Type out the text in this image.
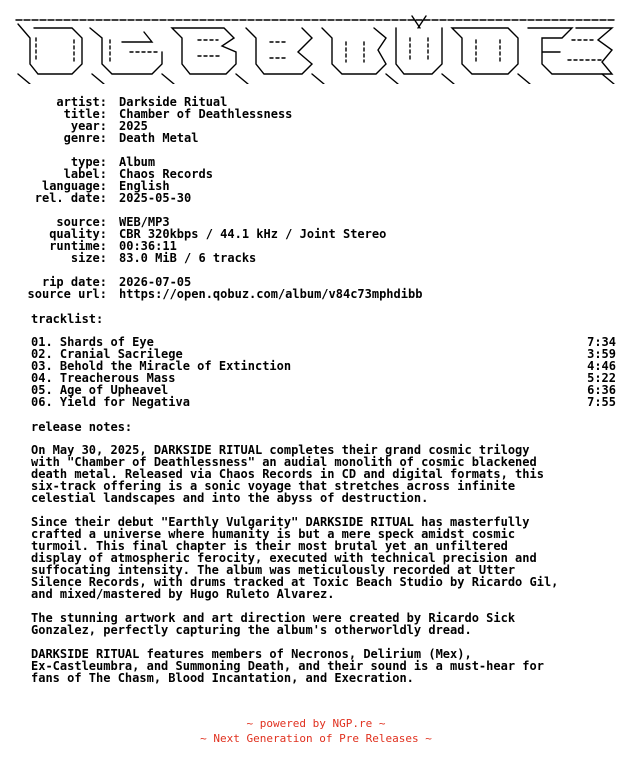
artist: Darkside Ritual
title: Chamber of Deathlessness
year: 2025
genre: Death Metal
type: Album
label: Chaos Records
language: English
rel. date: 2025-05-30
source: WEB/MP3
quality: CBR 320kbps / 44.1 kHz / Joint Stereo
runtime: 00:36:11
size: 83.0 MiB / 6 tracks
rip date: 2026-07-05
source url: https://open.qobuz.com/album/v84c73mphdibb
tracklist:
01. Shards of Eye	7:34
02. Cranial Sacrilege	3:59
03. Behold the Miracle of Extinction	4:46
04. Treacherous Mass	5:22
05. Age of Upheavel	6:36
06. Yield for Negativa	7:55
release notes:
On May 30, 2025, DARKSIDE RITUAL completes their grand cosmic trilogy
with "Chamber of Deathlessness" an audial monolith of cosmic blackened
death metal. Released via Chaos Records in CD and digital formats, this
six-track offering is a sonic voyage that stretches across infinite
celestial landscapes and into the abyss of destruction.
Since their debut "Earthly Vulgarity" DARKSIDE RITUAL has masterfully
crafted a universe where humanity is but a mere speck amidst cosmic
turmoil. This final chapter is their most brutal yet an unfiltered
display of atmospheric ferocity, executed with technical precision and
suffocating intensity. The album was meticulously recorded at Utter
Silence Records, with drums tracked at Toxic Beach Studio by Ricardo Gil,
and mixed/mastered by Hugo Ruleto Alvarez.
The stunning artwork and art direction were created by Ricardo Sick
Gonzalez, perfectly capturing the album's otherworldly dread.
DARKSIDE RITUAL features members of Necronos, Delirium (Mex),
Ex-Castleumbra, and Summoning Death, and their sound is a must-hear for
fans of The Chasm, Blood Incantation, and Execration.
~ powered by NGP.re ~
~ Next Generation of Pre Releases ~
